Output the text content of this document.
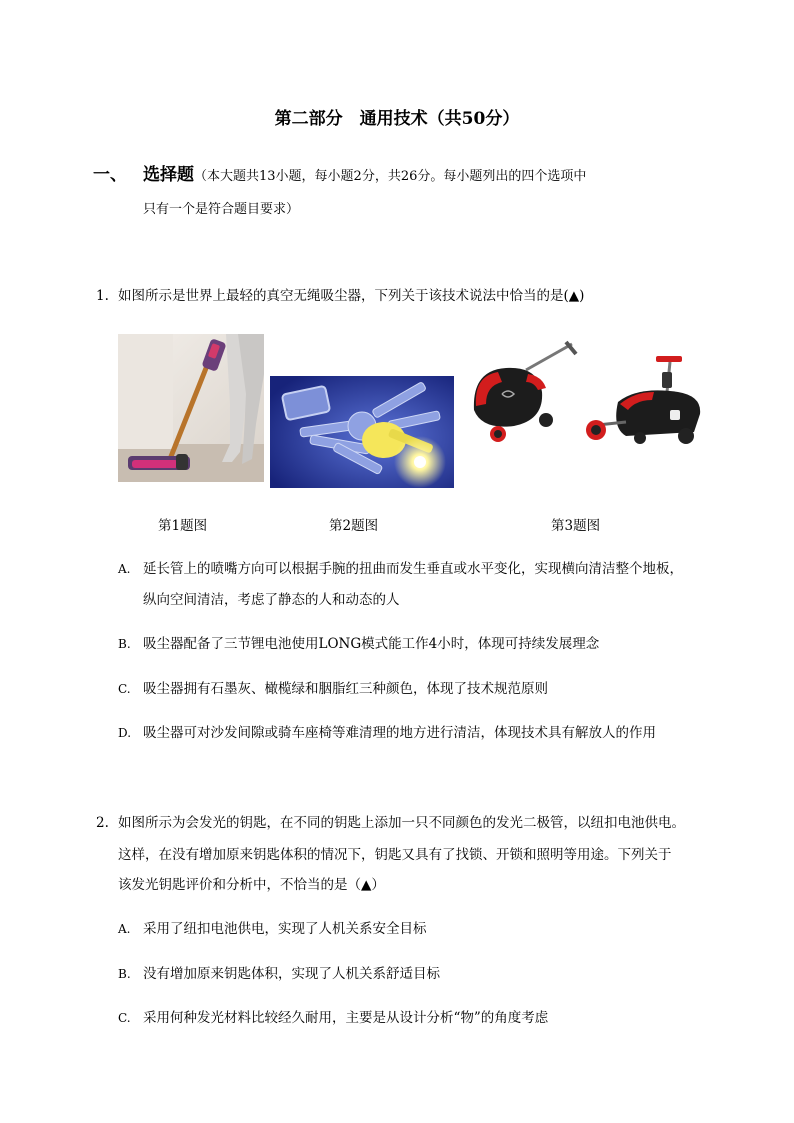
第二部分　通用技术（共50分）
一、 选择题（本大题共13小题，每小题2分，共26分。每小题列出的四个选项中
只有一个是符合题目要求）
1. 如图所示是世界上最轻的真空无绳吸尘器，下列关于该技术说法中恰当的是(▲)
第1题图	第2题图	第3题图
A. 延长管上的喷嘴方向可以根据手腕的扭曲而发生垂直或水平变化，实现横向清洁整个地板，
纵向空间清洁，考虑了静态的人和动态的人
B. 吸尘器配备了三节锂电池使用LONG模式能工作4小时，体现可持续发展理念
C. 吸尘器拥有石墨灰、橄榄绿和胭脂红三种颜色，体现了技术规范原则
D. 吸尘器可对沙发间隙或骑车座椅等难清理的地方进行清洁，体现技术具有解放人的作用
2. 如图所示为会发光的钥匙，在不同的钥匙上添加一只不同颜色的发光二极管，以纽扣电池供电。
这样，在没有增加原来钥匙体积的情况下，钥匙又具有了找锁、开锁和照明等用途。下列关于
该发光钥匙评价和分析中，不恰当的是（▲）
A. 采用了纽扣电池供电，实现了人机关系安全目标
B. 没有增加原来钥匙体积，实现了人机关系舒适目标
C. 采用何种发光材料比较经久耐用，主要是从设计分析“物”的角度考虑
